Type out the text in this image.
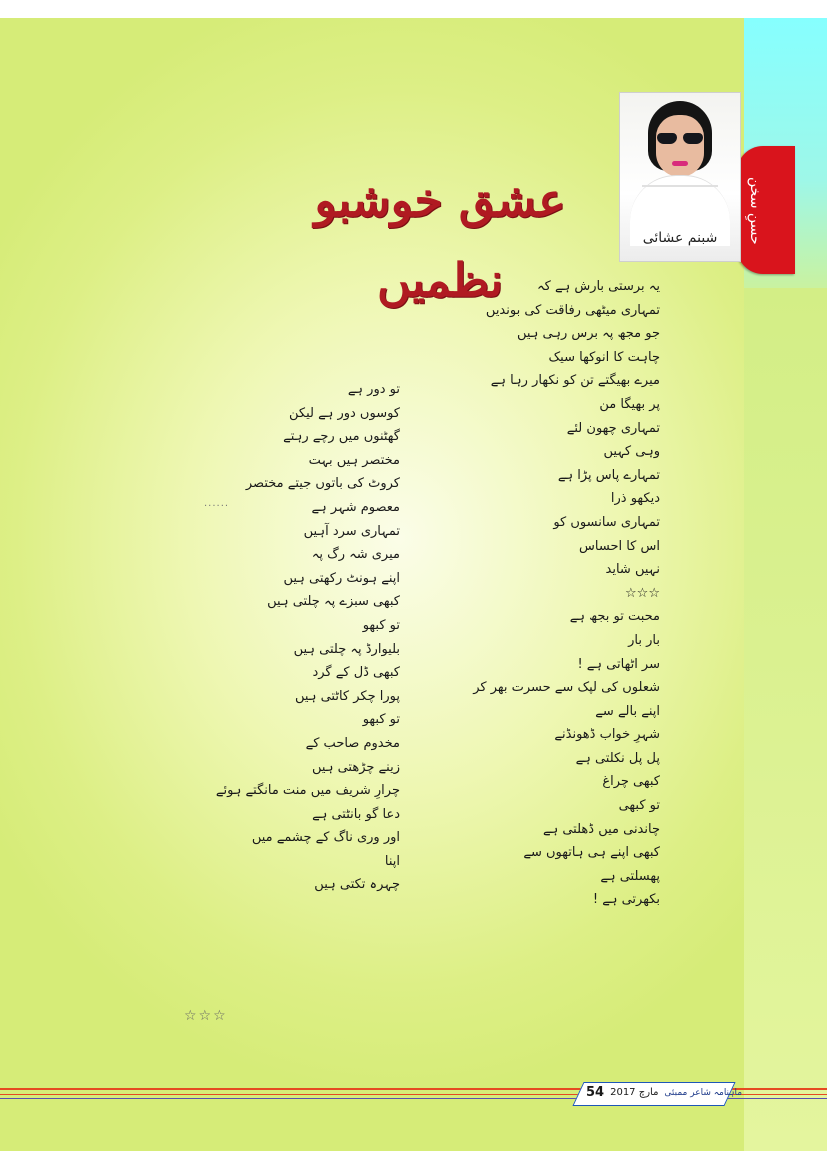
حسنِ سخن
شبنم عشائی
عشق خوشبو نظمیں	یہ برستی بارش ہے کہ
تمہاری میٹھی رفاقت کی بوندیں
جو مجھ پہ برس رہی ہیں
چاہت کا انوکھا سیک
میرے بھیگتے تن کو نکھار رہا ہے
پر بھیگا من
تمہاری چھون لئے
وہی کہیں
تمہارے پاس پڑا ہے
دیکھو ذرا
تمہاری سانسوں کو
اس کا احساس
نہیں شاید
☆☆☆
محبت تو بجھ ہے
بار بار
سر اٹھاتی ہے !
شعلوں کی لپک سے حسرت بھر کر
اپنے بالے سے
شہرِ خواب ڈھونڈنے
پل پل نکلتی ہے
کبھی چراغ
تو کبھی
چاندنی میں ڈھلتی ہے
کبھی اپنے ہی ہاتھوں سے
پھسلتی ہے
بکھرتی ہے !
تو دور ہے
کوسوں دور ہے لیکن
گھٹنوں میں رچے رہتے
مختصر ہیں بہت
کروٹ کی باتوں جیتے مختصر
معصوم شہر ہے
تمہاری سرد آہیں
میری شہ رگ پہ
اپنے ہونٹ رکھتی ہیں
کبھی سبزے پہ چلتی ہیں
تو کبھو
بلیوارڈ پہ چلتی ہیں
کبھی ڈل کے گرد
پورا چکر کاٹتی ہیں
تو کبھو
مخدوم صاحب کے
زینے چڑھتی ہیں
چرارِ شریف میں منت مانگتے ہوئے
دعا گو بانٹتی ہے
اور وری ناگ کے چشمے میں
اپنا
چہرہ تکتی ہیں
......
☆☆☆
54 2017 مارچ ماہنامہ شاعر ممبئی
